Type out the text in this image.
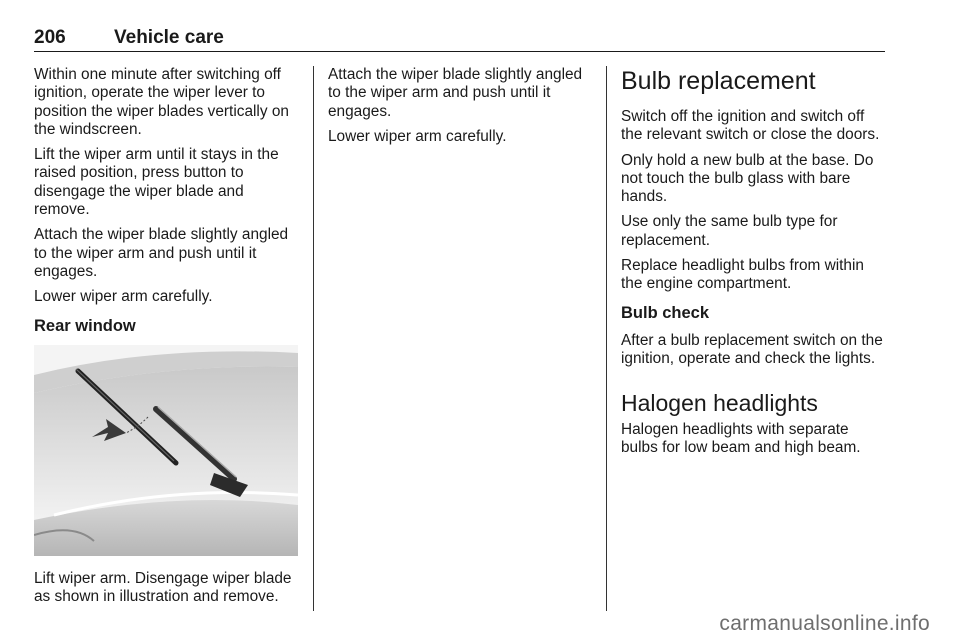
206	Vehicle care

Within one minute after switching off ignition, operate the wiper lever to position the wiper blades vertically on the windscreen.

Lift the wiper arm until it stays in the raised position, press button to disengage the wiper blade and remove.

Attach the wiper blade slightly angled to the wiper arm and push until it engages.

Lower wiper arm carefully.

Rear window

Lift wiper arm. Disengage wiper blade as shown in illustration and remove.

Attach the wiper blade slightly angled to the wiper arm and push until it engages.

Lower wiper arm carefully.

Bulb replacement

Switch off the ignition and switch off the relevant switch or close the doors.

Only hold a new bulb at the base. Do not touch the bulb glass with bare hands.

Use only the same bulb type for replacement.

Replace headlight bulbs from within the engine compartment.

Bulb check

After a bulb replacement switch on the ignition, operate and check the lights.

Halogen headlights

Halogen headlights with separate bulbs for low beam and high beam.

carmanualsonline.info
